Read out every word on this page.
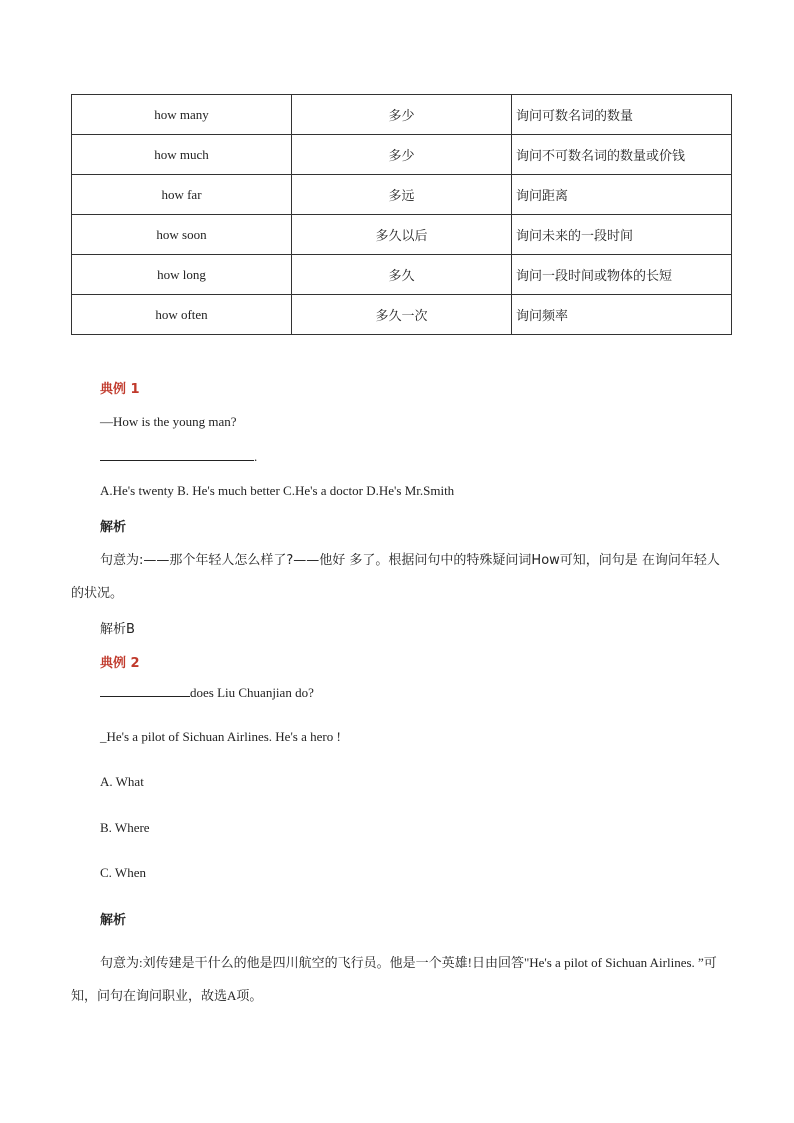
how many	多少	询问可数名词的数量
how much	多少	询问不可数名词的数量或价钱
how far	多远	询问距离
how soon	多久以后	询问未来的一段时间
how long	多久	询问一段时间或物体的长短
how often	多久一次	询问频率
典例 1
—How is the young man?
.
A.He's twenty B. He's much better C.He's a doctor D.He's Mr.Smith
解析
句意为:——那个年轻人怎么样了?——他好 多了。根据问句中的特殊疑问词How可知，问句是 在询问年轻人的状况。
解析B
典例 2
does Liu Chuanjian do?
_He's a pilot of Sichuan Airlines. He's a hero !
A. What
B. Where
C. When
解析
句意为:刘传建是干什么的他是四川航空的飞行员。他是一个英雄!日由回答"He's a pilot of Sichuan Airlines. ”可知，问句在询问职业，故选A项。
